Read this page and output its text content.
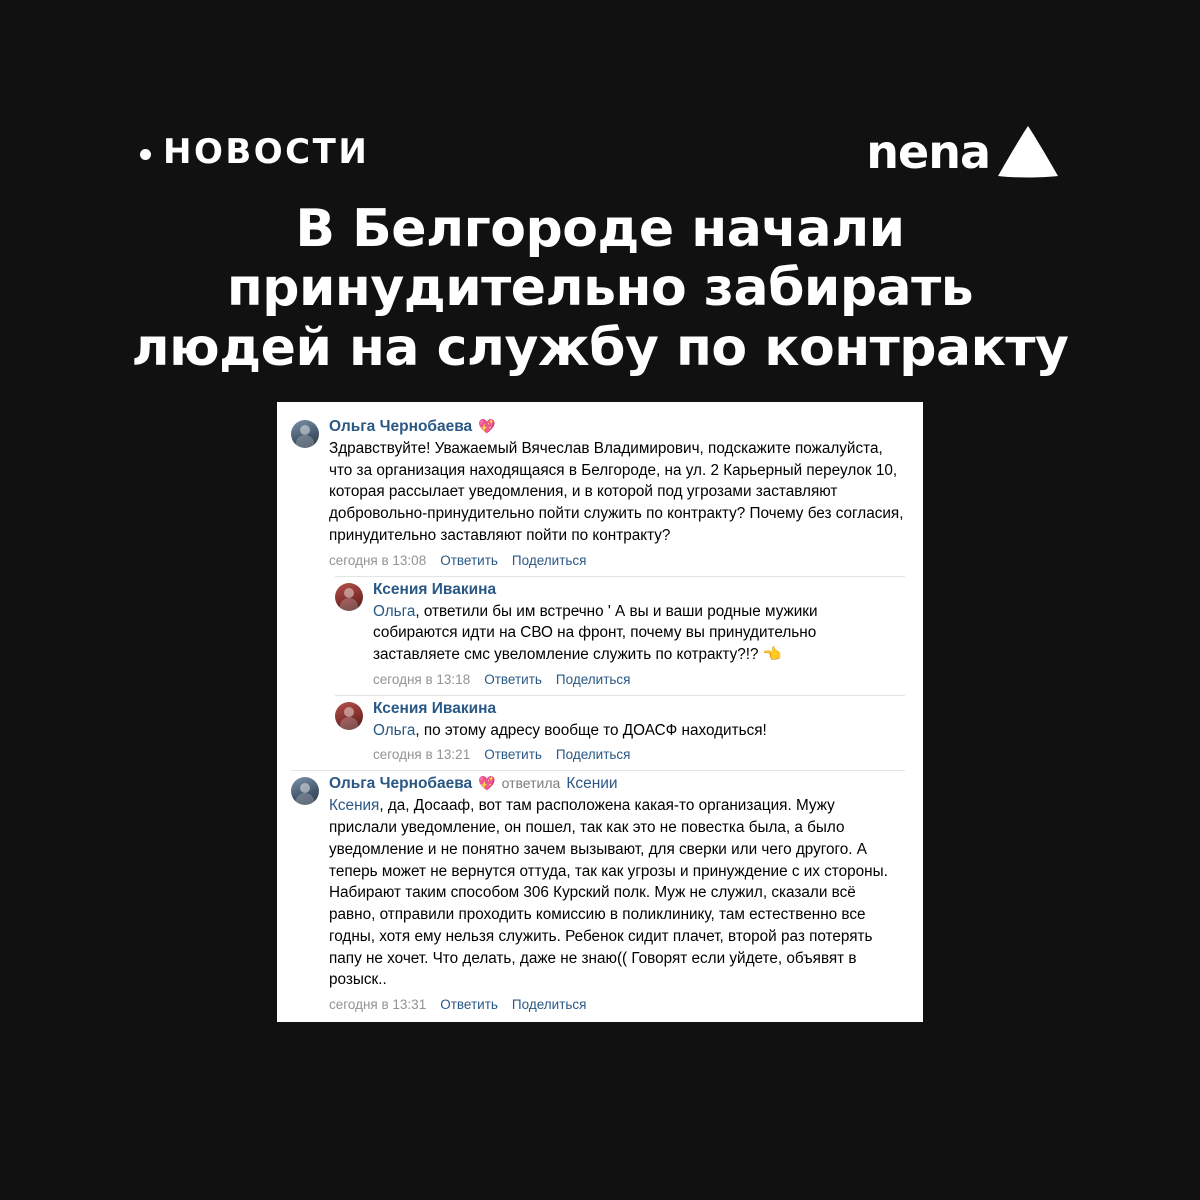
НОВОСТИ	nena
В Белгороде начали
принудительно забирать
людей на службу по контракту
Ольга Чернобаева 💖
Здравствуйте! Уважаемый Вячеслав Владимирович, подскажите пожалуйста, что за организация находящаяся в Белгороде, на ул. 2 Карьерный переулок 10, которая рассылает уведомления, и в которой под угрозами заставляют добровольно-принудительно пойти служить по контракту? Почему без согласия, принудительно заставляют пойти по контракту?
сегодня в 13:08 Ответить Поделиться
Ксения Ивакина
Ольга, ответили бы им встречно ' А вы и ваши родные мужики собираются идти на СВО на фронт, почему вы принудительно заставляете смс увеломление служить по котракту?!? 👈
сегодня в 13:18 Ответить Поделиться
Ксения Ивакина
Ольга, по этому адресу вообще то ДОАСФ находиться!
сегодня в 13:21 Ответить Поделиться
Ольга Чернобаева 💖 ответила Ксении
Ксения, да, Досааф, вот там расположена какая-то организация. Мужу прислали уведомление, он пошел, так как это не повестка была, а было уведомление и не понятно зачем вызывают, для сверки или чего другого. А теперь может не вернутся оттуда, так как угрозы и принуждение с их стороны. Набирают таким способом 306 Курский полк. Муж не служил, сказали всё равно, отправили проходить комиссию в поликлинику, там естественно все годны, хотя ему нельзя служить. Ребенок сидит плачет, второй раз потерять папу не хочет. Что делать, даже не знаю(( Говорят если уйдете, объявят в розыск..
сегодня в 13:31 Ответить Поделиться
